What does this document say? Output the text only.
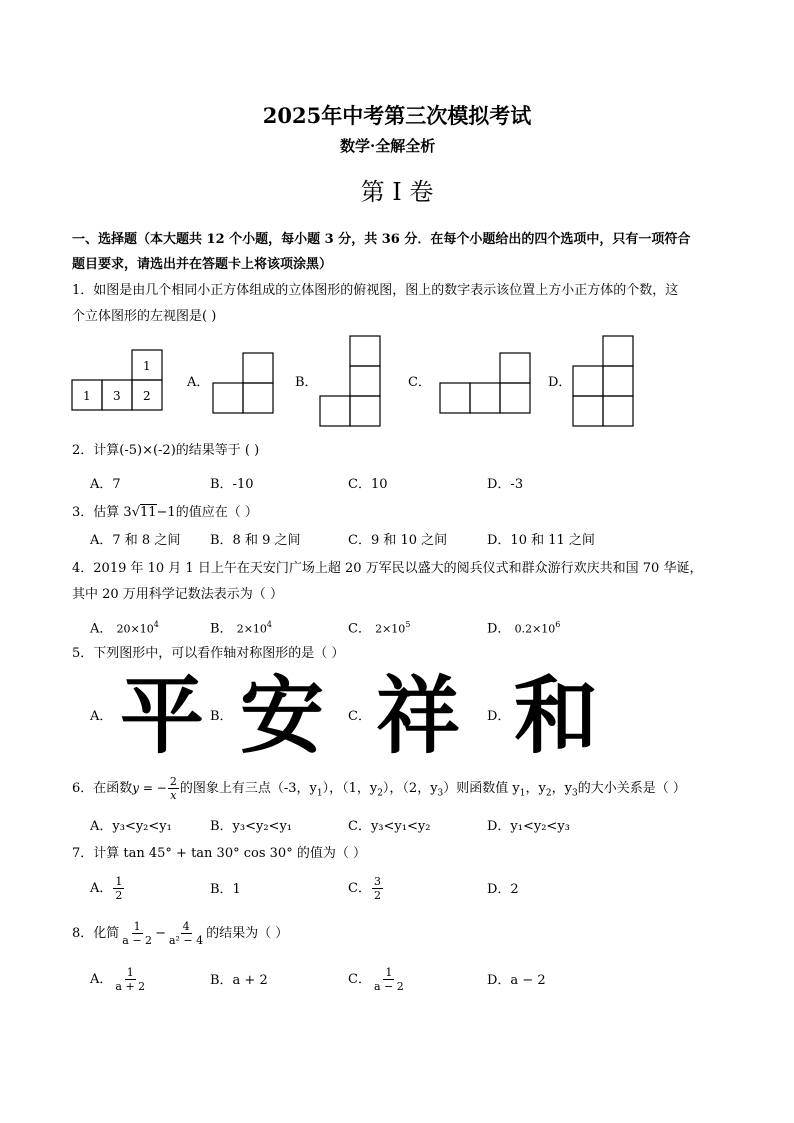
2025年中考第三次模拟考试
数学·全解全析
第 I 卷
一、选择题（本大题共 12 个小题，每小题 3 分，共 36 分．在每个小题给出的四个选项中，只有一项符合
题目要求，请选出并在答题卡上将该项涂黑）
1．如图是由几个相同小正方体组成的立体图形的俯视图，图上的数字表示该位置上方小正方体的个数，这
个立体图形的左视图是( )
1 3 2
1
A．	B．	C．	D．
2．计算(-5)×(-2)的结果等于 ( )
A．7	B．-10	C．10	D．-3
3．估算 3√11−1的值应在（ ）
A．7 和 8 之间 B．8 和 9 之间	C．9 和 10 之间	D．10 和 11 之间
4．2019 年 10 月 1 日上午在天安门广场上超 20 万军民以盛大的阅兵仪式和群众游行欢庆共和国 70 华诞，
其中 20 万用科学记数法表示为（ ）
A． $20\times 10^4$	B． $2\times 10^4$	C． $2\times 10^5$	D． $0.2\times 10^6$
5．下列图形中，可以看作轴对称图形的是（ ）
A． 平 B． 安 C． 祥 D． 和
6．在函数y = − $\frac{2}{x}$ 的图象上有三点（-3，$y_1$），（1，$y_2$），（2，$y_3$）则函数值 $y_1$，$y_2$，$y_3$的大小关系是（ ）
A．y₃<y₂<y₁	B．y₃<y₂<y₁	C．y₃<y₁<y₂	D．y₁<y₂<y₃
7．计算 tan 45° + tan 30° cos 30° 的值为（ ）
A． $\frac{1}{2}$	B．1	C． $\frac{3}{2}$	D．2
8．化简 $\frac{1}{a - 2} - \frac{4}{\text{a² − 4}}$ 的结果为（ ）
A． $\frac{1}{a + 2}$	B．a + 2	C． $\frac{1}{a - 2}$	D．a − 2
